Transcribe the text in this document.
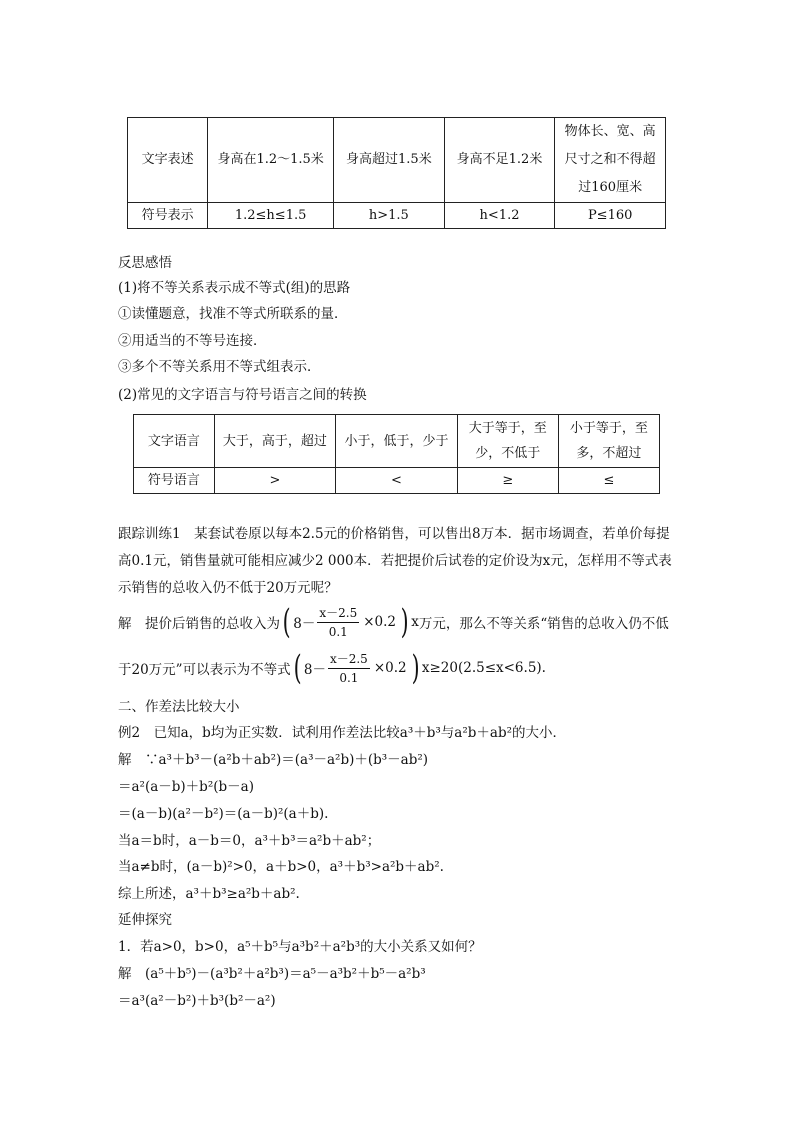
文字表述	身高在1.2～1.5米	身高超过1.5米	身高不足1.2米	物体长、宽、高尺寸之和不得超过160厘米
符号表示	1.2≤h≤1.5	h>1.5	h<1.2	P≤160
反思感悟
(1)将不等关系表示成不等式(组)的思路
①读懂题意，找准不等式所联系的量．
②用适当的不等号连接．
③多个不等关系用不等式组表示．
(2)常见的文字语言与符号语言之间的转换
文字语言	大于，高于，超过	小于，低于，少于	大于等于，至少，不低于	小于等于，至多，不超过
符号语言	>	<	≥	≤
跟踪训练1　某套试卷原以每本2.5元的价格销售，可以售出8万本．据市场调查，若单价每提高0.1元，销售量就可能相应减少2 000本．若把提价后试卷的定价设为x元，怎样用不等式表示销售的总收入仍不低于20万元呢？
解　提价后销售的总收入为 ( $8- \frac{x-2.5}{0.1} \times 0.2$ ) x 万元，那么不等关系“销售的总收入仍不低
于20万元”可以表示为不等式 ( $8- \frac{x-2.5}{0.1} \times 0.2$ ) x≥20(2.5≤x<6.5).
二、作差法比较大小
例2　已知a，b均为正实数．试利用作差法比较a³＋b³与a²b＋ab²的大小．
解　∵a³＋b³－(a²b＋ab²)＝(a³－a²b)＋(b³－ab²)
＝a²(a－b)＋b²(b－a)
＝(a－b)(a²－b²)＝(a－b)²(a＋b).
当a＝b时，a－b＝0，a³＋b³＝a²b＋ab²；
当a≠b时，(a－b)²>0，a＋b>0，a³＋b³>a²b＋ab².
综上所述，a³＋b³≥a²b＋ab².
延伸探究
1．若a>0，b>0，a⁵＋b⁵与a³b²＋a²b³的大小关系又如何？
解　(a⁵＋b⁵)－(a³b²＋a²b³)＝a⁵－a³b²＋b⁵－a²b³
＝a³(a²－b²)＋b³(b²－a²)
